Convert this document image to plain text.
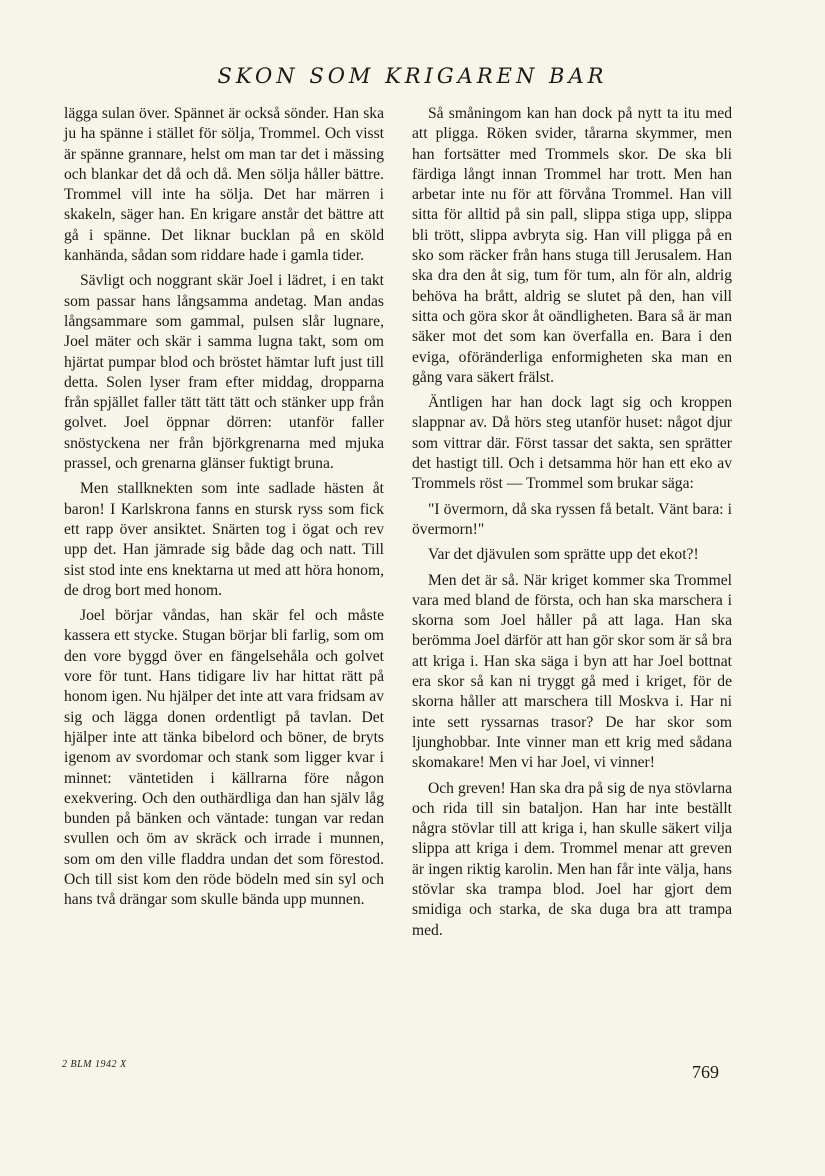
SKON SOM KRIGAREN BAR

lägga sulan över. Spännet är också sönder. Han ska ju ha spänne i stället för sölja, Trommel. Och visst är spänne grannare, helst om man tar det i mässing och blankar det då och då. Men sölja håller bättre. Trommel vill inte ha sölja. Det har märren i skakeln, säger han. En krigare anstår det bättre att gå i spänne. Det liknar bucklan på en sköld kanhända, sådan som riddare hade i gamla tider.

Sävligt och noggrant skär Joel i lädret, i en takt som passar hans långsamma andetag. Man andas långsammare som gammal, pulsen slår lugnare, Joel mäter och skär i samma lugna takt, som om hjärtat pumpar blod och bröstet hämtar luft just till detta. Solen lyser fram efter middag, dropparna från spjället faller tätt tätt tätt och stänker upp från golvet. Joel öppnar dörren: utanför faller snöstyckena ner från björkgrenarna med mjuka prassel, och grenarna glänser fuktigt bruna.

Men stallknekten som inte sadlade hästen åt baron! I Karlskrona fanns en stursk ryss som fick ett rapp över ansiktet. Snärten tog i ögat och rev upp det. Han jämrade sig både dag och natt. Till sist stod inte ens knektarna ut med att höra honom, de drog bort med honom.

Joel börjar våndas, han skär fel och måste kassera ett stycke. Stugan börjar bli farlig, som om den vore byggd över en fängelsehåla och golvet vore för tunt. Hans tidigare liv har hittat rätt på honom igen. Nu hjälper det inte att vara fridsam av sig och lägga donen ordentligt på tavlan. Det hjälper inte att tänka bibelord och böner, de bryts igenom av svordomar och stank som ligger kvar i minnet: väntetiden i källrarna före någon exekvering. Och den outhärdliga dan han själv låg bunden på bänken och väntade: tungan var redan svullen och öm av skräck och irrade i munnen, som om den ville fladdra undan det som förestod. Och till sist kom den röde bödeln med sin syl och hans två drängar som skulle bända upp munnen.

Så småningom kan han dock på nytt ta itu med att pligga. Röken svider, tårarna skymmer, men han fortsätter med Trommels skor. De ska bli färdiga långt innan Trommel har trott. Men han arbetar inte nu för att förvåna Trommel. Han vill sitta för alltid på sin pall, slippa stiga upp, slippa bli trött, slippa avbryta sig. Han vill pligga på en sko som räcker från hans stuga till Jerusalem. Han ska dra den åt sig, tum för tum, aln för aln, aldrig behöva ha brått, aldrig se slutet på den, han vill sitta och göra skor åt oändligheten. Bara så är man säker mot det som kan överfalla en. Bara i den eviga, oföränderliga enformigheten ska man en gång vara säkert frälst.

Äntligen har han dock lagt sig och kroppen slappnar av. Då hörs steg utanför huset: något djur som vittrar där. Först tassar det sakta, sen sprätter det hastigt till. Och i detsamma hör han ett eko av Trommels röst — Trommel som brukar säga:

"I övermorn, då ska ryssen få betalt. Vänt bara: i övermorn!"

Var det djävulen som sprätte upp det ekot?!

Men det är så. När kriget kommer ska Trommel vara med bland de första, och han ska marschera i skorna som Joel håller på att laga. Han ska berömma Joel därför att han gör skor som är så bra att kriga i. Han ska säga i byn att har Joel bottnat era skor så kan ni tryggt gå med i kriget, för de skorna håller att marschera till Moskva i. Har ni inte sett ryssarnas trasor? De har skor som ljunghobbar. Inte vinner man ett krig med sådana skomakare! Men vi har Joel, vi vinner!

Och greven! Han ska dra på sig de nya stövlarna och rida till sin bataljon. Han har inte beställt några stövlar till att kriga i, han skulle säkert vilja slippa att kriga i dem. Trommel menar att greven är ingen riktig karolin. Men han får inte välja, hans stövlar ska trampa blod. Joel har gjort dem smidiga och starka, de ska duga bra att trampa med.

2 BLM 1942 X	769
